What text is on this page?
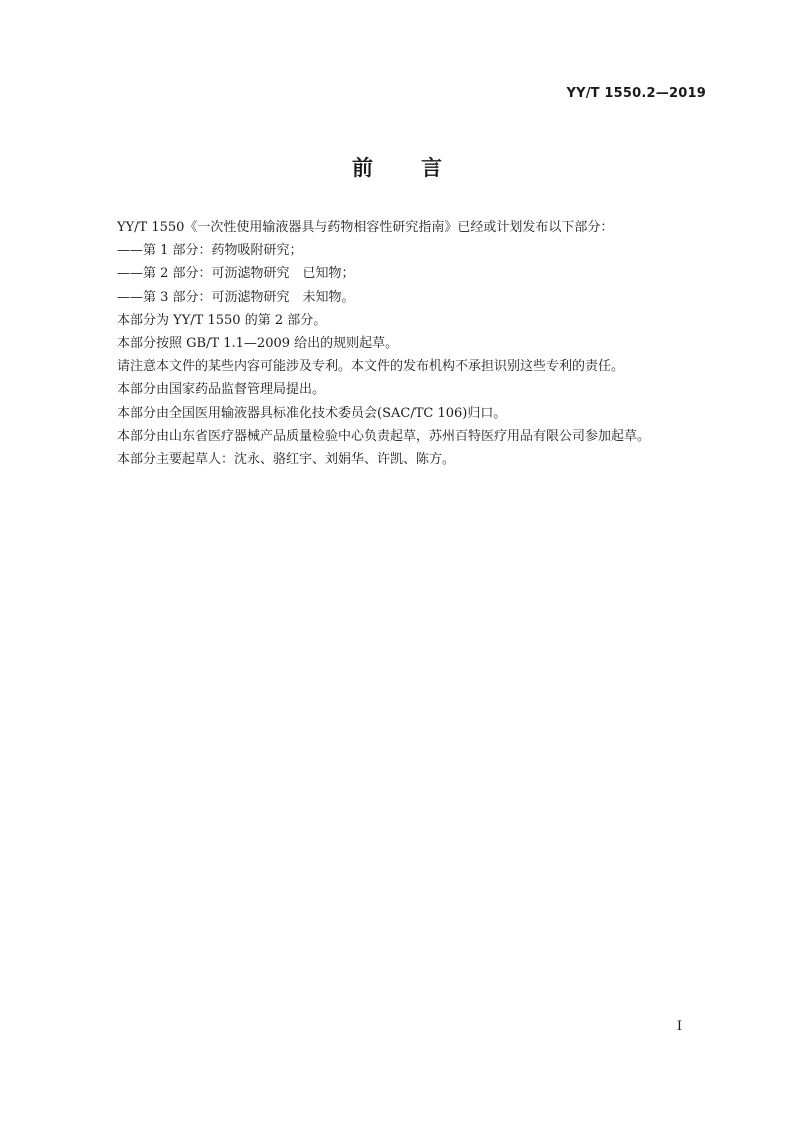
YY/T 1550.2—2019
前言

YY/T 1550《一次性使用输液器具与药物相容性研究指南》已经或计划发布以下部分：

——第 1 部分：药物吸附研究；

——第 2 部分：可沥滤物研究　已知物；

——第 3 部分：可沥滤物研究　未知物。

本部分为 YY/T 1550 的第 2 部分。

本部分按照 GB/T 1.1—2009 给出的规则起草。

请注意本文件的某些内容可能涉及专利。本文件的发布机构不承担识别这些专利的责任。

本部分由国家药品监督管理局提出。

本部分由全国医用输液器具标准化技术委员会(SAC/TC 106)归口。

本部分由山东省医疗器械产品质量检验中心负责起草，苏州百特医疗用品有限公司参加起草。

本部分主要起草人：沈永、骆红宇、刘娟华、许凯、陈方。

I
